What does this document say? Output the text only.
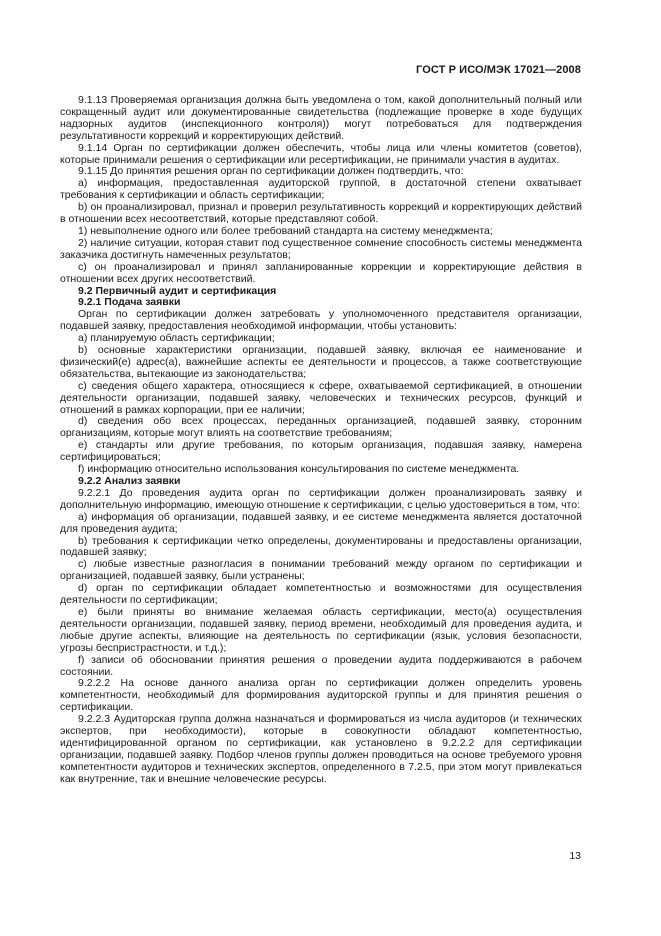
ГОСТ Р ИСО/МЭК 17021—2008

9.1.13 Проверяемая организация должна быть уведомлена о том, какой дополнительный полный или сокращенный аудит или документированные свидетельства (подлежащие проверке в ходе будущих надзорных аудитов (инспекционного контроля)) могут потребоваться для подтверждения результативности коррекций и корректирующих действий.

9.1.14 Орган по сертификации должен обеспечить, чтобы лица или члены комитетов (советов), которые принимали решения о сертификации или ресертификации, не принимали участия в аудитах.

9.1.15 До принятия решения орган по сертификации должен подтвердить, что:

a) информация, предоставленная аудиторской группой, в достаточной степени охватывает требования к сертификации и область сертификации;

b) он проанализировал, признал и проверил результативность коррекций и корректирующих действий в отношении всех несоответствий, которые представляют собой.

1) невыполнение одного или более требований стандарта на систему менеджмента;

2) наличие ситуации, которая ставит под существенное сомнение способность системы менеджмента заказчика достигнуть намеченных результатов;

c) он проанализировал и принял запланированные коррекции и корректирующие действия в отношении всех других несоответствий.

9.2 Первичный аудит и сертификация

9.2.1 Подача заявки

Орган по сертификации должен затребовать у уполномоченного представителя организации, подавшей заявку, предоставления необходимой информации, чтобы установить:

a) планируемую область сертификации;

b) основные характеристики организации, подавшей заявку, включая ее наименование и физический(е) адрес(а), важнейшие аспекты ее деятельности и процессов, а также соответствующие обязательства, вытекающие из законодательства;

c) сведения общего характера, относящиеся к сфере, охватываемой сертификацией, в отношении деятельности организации, подавшей заявку, человеческих и технических ресурсов, функций и отношений в рамках корпорации, при ее наличии;

d) сведения обо всех процессах, переданных организацией, подавшей заявку, сторонним организациям, которые могут влиять на соответствие требованиям;

e) стандарты или другие требования, по которым организация, подавшая заявку, намерена сертифицироваться;

f) информацию относительно использования консультирования по системе менеджмента.

9.2.2 Анализ заявки

9.2.2.1 До проведения аудита орган по сертификации должен проанализировать заявку и дополнительную информацию, имеющую отношение к сертификации, с целью удостовериться в том, что:

a) информация об организации, подавшей заявку, и ее системе менеджмента является достаточной для проведения аудита;

b) требования к сертификации четко определены, документированы и предоставлены организации, подавшей заявку;

c) любые известные разногласия в понимании требований между органом по сертификации и организацией, подавшей заявку, были устранены;

d) орган по сертификации обладает компетентностью и возможностями для осуществления деятельности по сертификации;

e) были приняты во внимание желаемая область сертификации, место(а) осуществления деятельности организации, подавшей заявку, период времени, необходимый для проведения аудита, и любые другие аспекты, влияющие на деятельность по сертификации (язык, условия безопасности, угрозы беспристрастности, и т.д.);

f) записи об обосновании принятия решения о проведении аудита поддерживаются в рабочем состоянии.

9.2.2.2 На основе данного анализа орган по сертификации должен определить уровень компетентности, необходимый для формирования аудиторской группы и для принятия решения о сертификации.

9.2.2.3 Аудиторская группа должна назначаться и формироваться из числа аудиторов (и технических экспертов, при необходимости), которые в совокупности обладают компетентностью, идентифицированной органом по сертификации, как установлено в 9.2.2.2 для сертификации организации, подавшей заявку. Подбор членов группы должен проводиться на основе требуемого уровня компетентности аудиторов и технических экспертов, определенного в 7.2.5, при этом могут привлекаться как внутренние, так и внешние человеческие ресурсы.

13
